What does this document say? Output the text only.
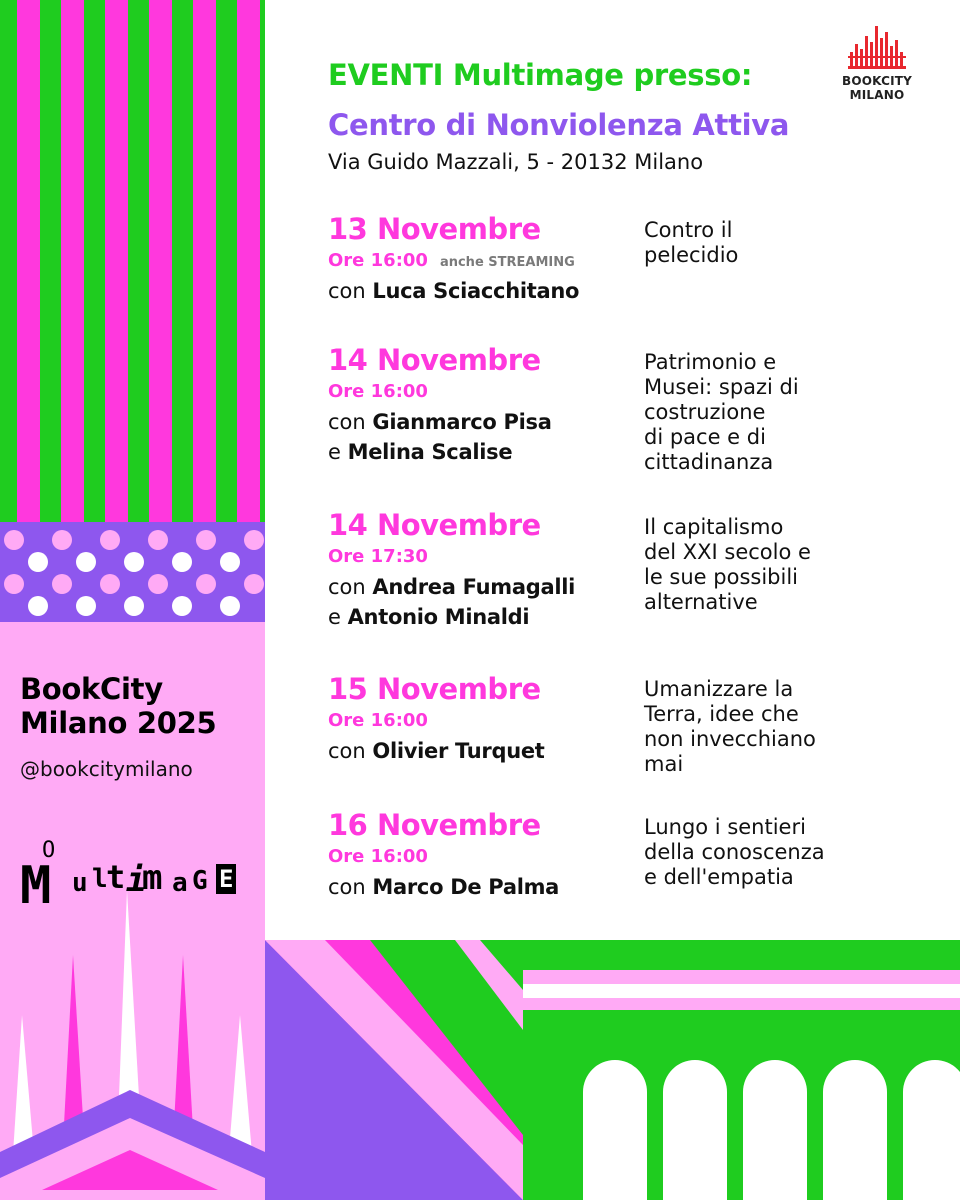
BOOKCITY
MILANO

EVENTI Multimage presso:

Centro di Nonviolenza Attiva

Via Guido Mazzali, 5 - 20132 Milano

13 Novembre
Ore 16:00 anche STREAMING
con Luca Sciacchitano
Contro il
pelecidio
14 Novembre
Ore 16:00
con Gianmarco Pisa
e Melina Scalise
Patrimonio e
Musei: spazi di
costruzione
di pace e di
cittadinanza
14 Novembre
Ore 17:30
con Andrea Fumagalli
e Antonio Minaldi
Il capitalismo
del XXI secolo e
le sue possibili
alternative
15 Novembre
Ore 16:00
con Olivier Turquet
Umanizzare la
Terra, idee che
non invecchiano
mai
16 Novembre
Ore 16:00
con Marco De Palma
Lungo i sentieri
della conoscenza
e dell'empatia
BookCity
Milano 2025

@bookcitymilano

O
M u l
t i
m a G E
